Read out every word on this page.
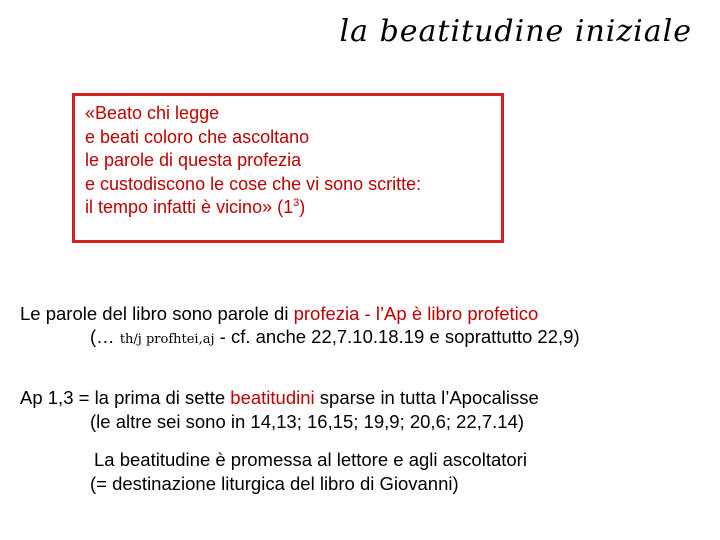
la beatitudine iniziale
«Beato chi legge
e beati coloro che ascoltano
le parole di questa profezia
e custodiscono le cose che vi sono scritte:
il tempo infatti è vicino» $(1^3)$
Le parole del libro sono parole di profezia - l’Ap è libro profetico
(… th/j profhtei,aj - cf. anche 22,7.10.18.19 e soprattutto 22,9)
Ap 1,3 = la prima di sette beatitudini sparse in tutta l’Apocalisse
(le altre sei sono in 14,13; 16,15; 19,9; 20,6; 22,7.14)
La beatitudine è promessa al lettore e agli ascoltatori
(= destinazione liturgica del libro di Giovanni)
